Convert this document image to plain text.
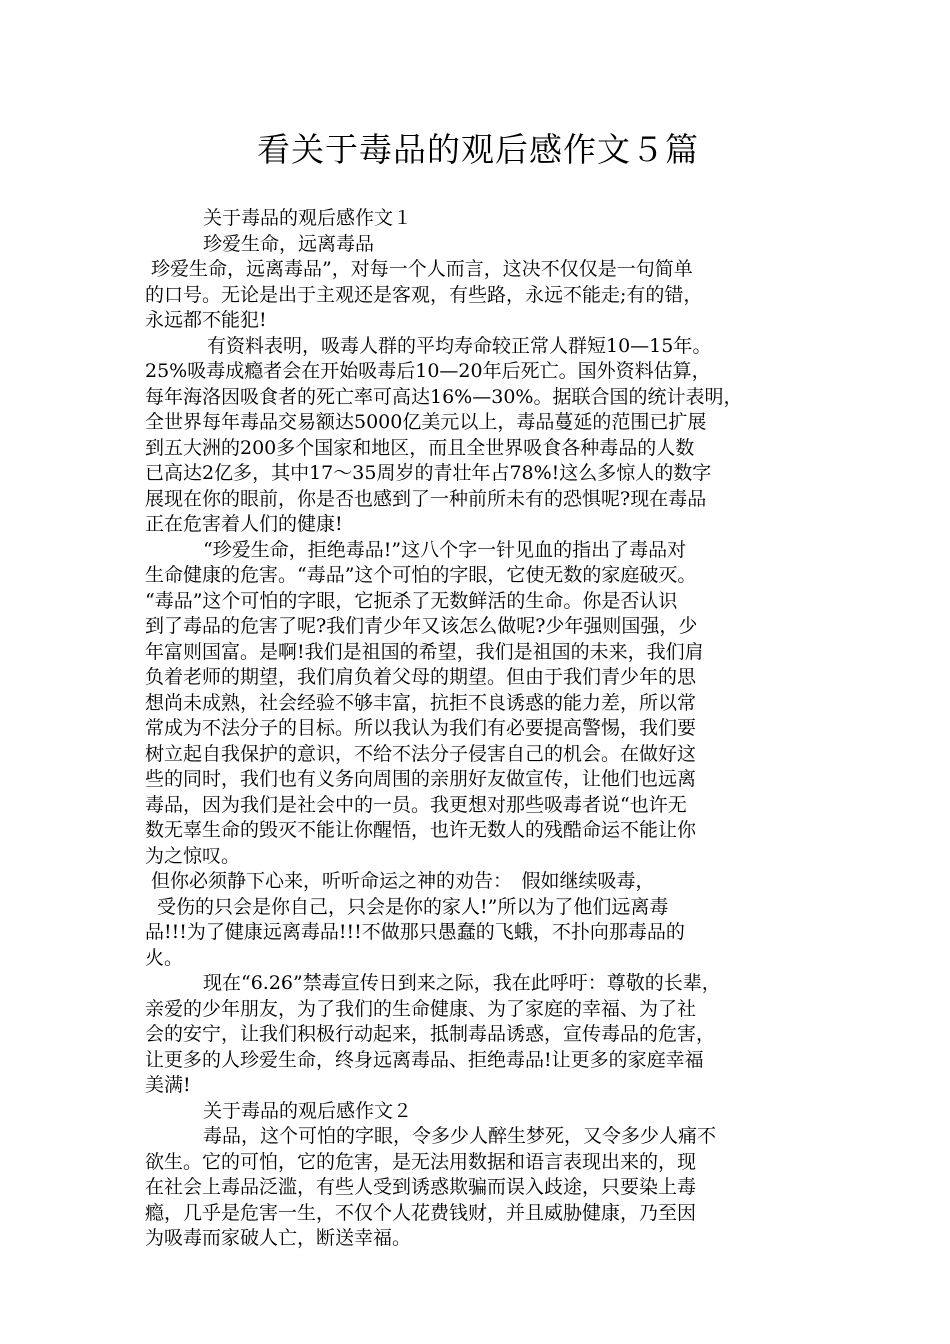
看关于毒品的观后感作文５篇

关于毒品的观后感作文１

珍爱生命，远离毒品

珍爱生命，远离毒品”，对每一个人而言，这决不仅仅是一句简单

的口号。无论是出于主观还是客观，有些路，永远不能走;有的错，

永远都不能犯!

有资料表明，吸毒人群的平均寿命较正常人群短10—15年。

25%吸毒成瘾者会在开始吸毒后10—20年后死亡。国外资料估算，

每年海洛因吸食者的死亡率可高达16%—30%。据联合国的统计表明，

全世界每年毒品交易额达5000亿美元以上，毒品蔓延的范围已扩展

到五大洲的200多个国家和地区，而且全世界吸食各种毒品的人数

已高达2亿多，其中17～35周岁的青壮年占78%!这么多惊人的数字

展现在你的眼前，你是否也感到了一种前所未有的恐惧呢?现在毒品

正在危害着人们的健康!

“珍爱生命，拒绝毒品!”这八个字一针见血的指出了毒品对

生命健康的危害。“毒品”这个可怕的字眼，它使无数的家庭破灭。

“毒品”这个可怕的字眼，它扼杀了无数鲜活的生命。你是否认识

到了毒品的危害了呢?我们青少年又该怎么做呢?少年强则国强，少

年富则国富。是啊!我们是祖国的希望，我们是祖国的未来，我们肩

负着老师的期望，我们肩负着父母的期望。但由于我们青少年的思

想尚未成熟，社会经验不够丰富，抗拒不良诱惑的能力差，所以常

常成为不法分子的目标。所以我认为我们有必要提高警惕，我们要

树立起自我保护的意识，不给不法分子侵害自己的机会。在做好这

些的同时，我们也有义务向周围的亲朋好友做宣传，让他们也远离

毒品，因为我们是社会中的一员。我更想对那些吸毒者说“也许无

数无辜生命的毁灭不能让你醒悟，也许无数人的残酷命运不能让你

为之惊叹。

但你必须静下心来，听听命运之神的劝告：　假如继续吸毒，

受伤的只会是你自己，只会是你的家人!”所以为了他们远离毒

品!!!为了健康远离毒品!!!不做那只愚蠢的飞蛾，不扑向那毒品的

火。

现在“6.26”禁毒宣传日到来之际，我在此呼吁：尊敬的长辈，

亲爱的少年朋友，为了我们的生命健康、为了家庭的幸福、为了社

会的安宁，让我们积极行动起来，抵制毒品诱惑，宣传毒品的危害，

让更多的人珍爱生命，终身远离毒品、拒绝毒品!让更多的家庭幸福

美满!

关于毒品的观后感作文２

毒品，这个可怕的字眼，令多少人醉生梦死，又令多少人痛不

欲生。它的可怕，它的危害，是无法用数据和语言表现出来的，现

在社会上毒品泛滥，有些人受到诱惑欺骗而误入歧途，只要染上毒

瘾，几乎是危害一生，不仅个人花费钱财，并且威胁健康，乃至因

为吸毒而家破人亡，断送幸福。
